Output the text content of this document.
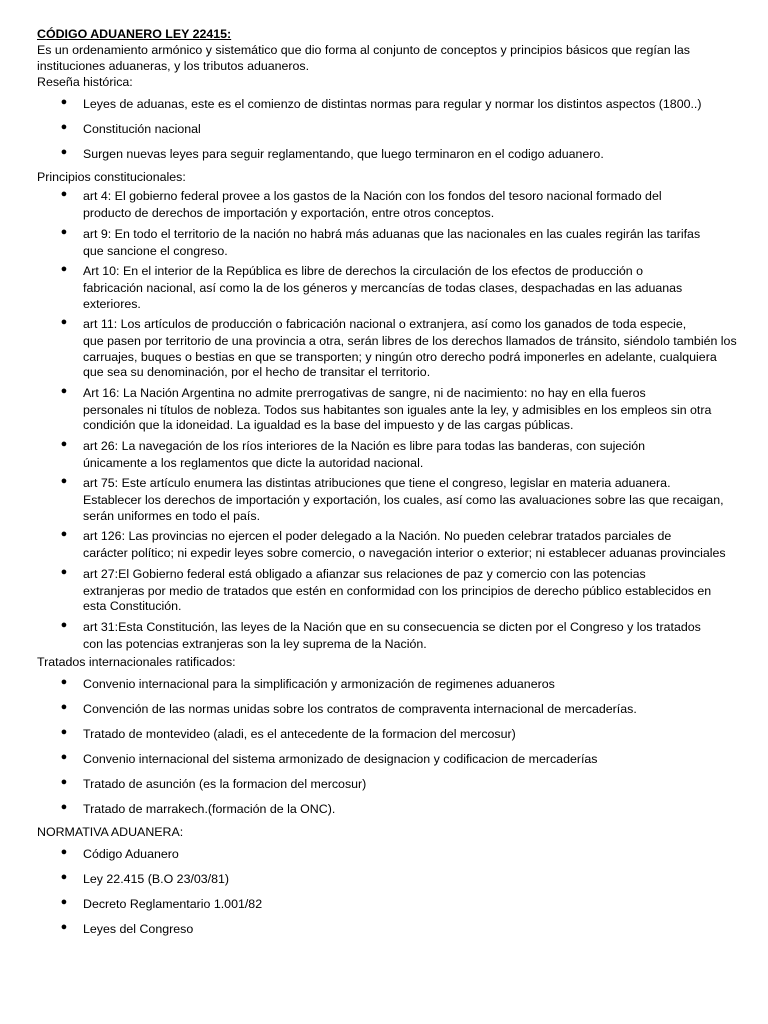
CÓDIGO ADUANERO LEY 22415:

Es un ordenamiento armónico y sistemático que dio forma al conjunto de conceptos y principios básicos que regían las instituciones aduaneras, y los tributos aduaneros.

Reseña histórica:

● Leyes de aduanas, este es el comienzo de distintas normas para regular y normar los distintos aspectos (1800..)
● Constitución nacional
● Surgen nuevas leyes para seguir reglamentando, que luego terminaron en el codigo aduanero.

Principios constitucionales:

● art 4: El gobierno federal provee a los gastos de la Nación con los fondos del tesoro nacional formado del
producto de derechos de importación y exportación, entre otros conceptos.
● art 9: En todo el territorio de la nación no habrá más aduanas que las nacionales en las cuales regirán las tarifas
que sancione el congreso.
● Art 10: En el interior de la República es libre de derechos la circulación de los efectos de producción o
fabricación nacional, así como la de los géneros y mercancías de todas clases, despachadas en las aduanas exteriores.
● art 11: Los artículos de producción o fabricación nacional o extranjera, así como los ganados de toda especie,
que pasen por territorio de una provincia a otra, serán libres de los derechos llamados de tránsito, siéndolo también los carruajes, buques o bestias en que se transporten; y ningún otro derecho podrá imponerles en adelante, cualquiera que sea su denominación, por el hecho de transitar el territorio.
● Art 16: La Nación Argentina no admite prerrogativas de sangre, ni de nacimiento: no hay en ella fueros
personales ni títulos de nobleza. Todos sus habitantes son iguales ante la ley, y admisibles en los empleos sin otra condición que la idoneidad. La igualdad es la base del impuesto y de las cargas públicas.
● art 26: La navegación de los ríos interiores de la Nación es libre para todas las banderas, con sujeción
únicamente a los reglamentos que dicte la autoridad nacional.
● art 75: Este artículo enumera las distintas atribuciones que tiene el congreso, legislar en materia aduanera.
Establecer los derechos de importación y exportación, los cuales, así como las avaluaciones sobre las que recaigan, serán uniformes en todo el país.
● art 126: Las provincias no ejercen el poder delegado a la Nación. No pueden celebrar tratados parciales de
carácter político; ni expedir leyes sobre comercio, o navegación interior o exterior; ni establecer aduanas provinciales
● art 27:El Gobierno federal está obligado a afianzar sus relaciones de paz y comercio con las potencias
extranjeras por medio de tratados que estén en conformidad con los principios de derecho público establecidos en esta Constitución.
● art 31:Esta Constitución, las leyes de la Nación que en su consecuencia se dicten por el Congreso y los tratados
con las potencias extranjeras son la ley suprema de la Nación.

Tratados internacionales ratificados:

● Convenio internacional para la simplificación y armonización de regimenes aduaneros
● Convención de las normas unidas sobre los contratos de compraventa internacional de mercaderías.
● Tratado de montevideo (aladi, es el antecedente de la formacion del mercosur)
● Convenio internacional del sistema armonizado de designacion y codificacion de mercaderías
● Tratado de asunción (es la formacion del mercosur)
● Tratado de marrakech.(formación de la ONC).

NORMATIVA ADUANERA:

● Código Aduanero
● Ley 22.415 (B.O 23/03/81)
● Decreto Reglamentario 1.001/82
● Leyes del Congreso
